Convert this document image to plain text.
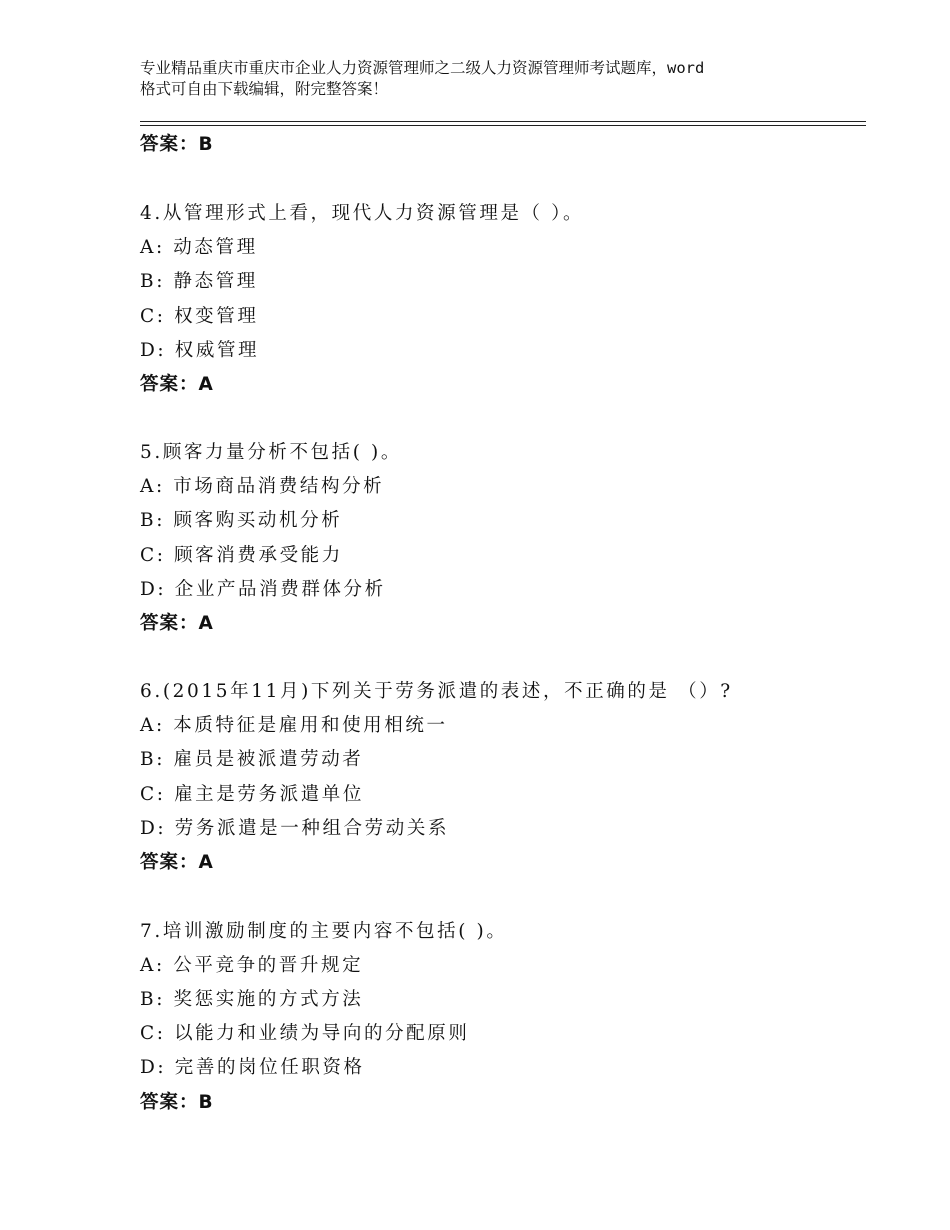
专业精品重庆市重庆市企业人力资源管理师之二级人力资源管理师考试题库，word
格式可自由下载编辑，附完整答案！
答案：B
4.从管理形式上看，现代人力资源管理是（ ）。
A: 动态管理
B: 静态管理
C: 权变管理
D: 权威管理
答案：A
5.顾客力量分析不包括( )。
A: 市场商品消费结构分析
B: 顾客购买动机分析
C: 顾客消费承受能力
D: 企业产品消费群体分析
答案：A
6.(2015年11月)下列关于劳务派遣的表述，不正确的是 （）?
A: 本质特征是雇用和使用相统一
B: 雇员是被派遣劳动者
C: 雇主是劳务派遣单位
D: 劳务派遣是一种组合劳动关系
答案：A
7.培训激励制度的主要内容不包括( )。
A: 公平竞争的晋升规定
B: 奖惩实施的方式方法
C: 以能力和业绩为导向的分配原则
D: 完善的岗位任职资格
答案：B
